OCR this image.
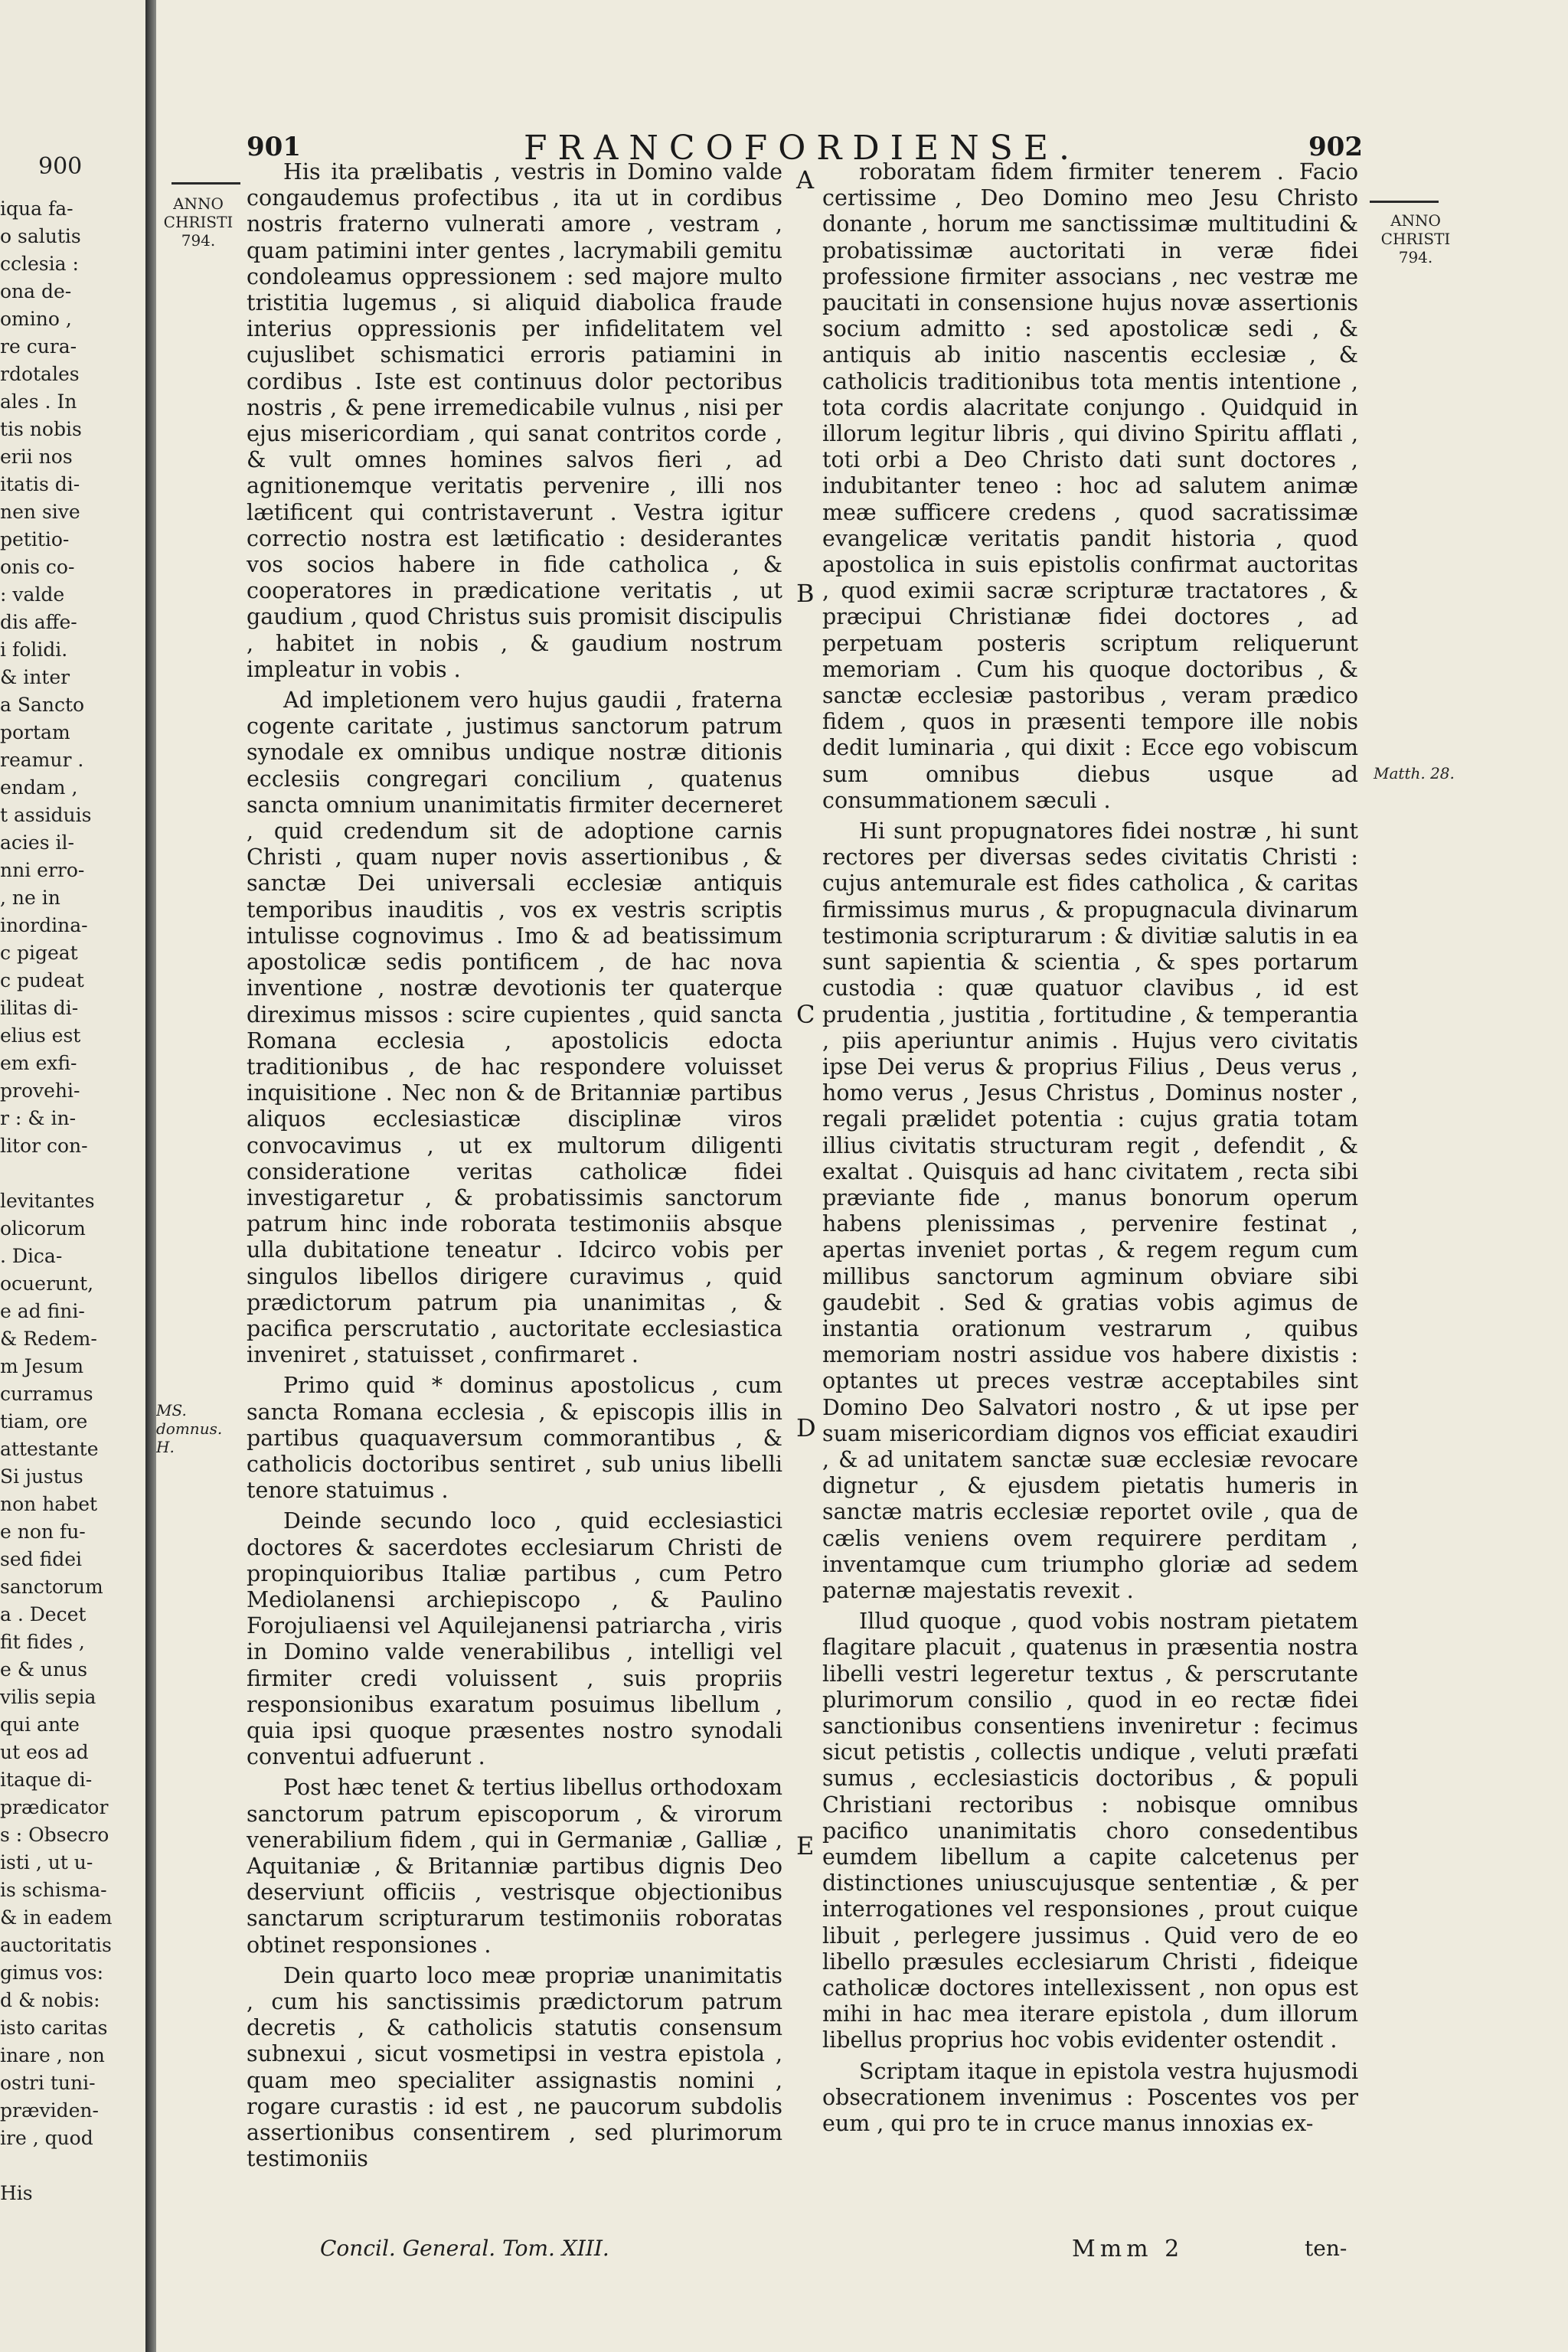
900
iqua fa-
o salutis
cclesia :
ona de-
omino ,
re cura-
rdotales
ales . In
tis nobis
erii nos
itatis di-
nen sive
petitio-
onis co-
: valde
dis affe-
i folidi.
& inter
a Sancto
portam
reamur .
endam ,
t assiduis
acies il-
nni erro-
, ne in
inordina-
c pigeat
c pudeat
ilitas di-
elius est
em exfi-
provehi-
r : & in-
litor con-
levitantes
olicorum
. Dica-
ocuerunt,
e ad fini-
& Redem-
m Jesum
curramus
tiam, ore
attestante
Si justus
non habet
e non fu-
sed fidei
sanctorum
a . Decet
fit fides ,
e & unus
vilis sepia
qui ante
ut eos ad
itaque di-
prædicator
s : Obsecro
isti , ut u-
is schisma-
& in eadem
auctoritatis
gimus vos:
d & nobis:
isto caritas
inare , non
ostri tuni-
præviden-
ire , quod
His
901	FRANCOFORDIENSE.	902
ANNO CHRISTI 794.
ANNO CHRISTI 794.
MS. domnus. H.
Matth. 28.
A
B
C
D
E

His ita prælibatis , vestris in Domino valde congaudemus profectibus , ita ut in cordibus nostris fraterno vulnerati amore , vestram , quam patimini inter gentes , lacrymabili gemitu condoleamus oppressionem : sed majore multo tristitia lugemus , si aliquid diabolica fraude interius oppressionis per infidelitatem vel cujuslibet schismatici erroris patiamini in cordibus . Iste est continuus dolor pectoribus nostris , & pene irremedicabile vulnus , nisi per ejus misericordiam , qui sanat contritos corde , & vult omnes homines salvos fieri , ad agnitionemque veritatis pervenire , illi nos lætificent qui contristaverunt . Vestra igitur correctio nostra est lætificatio : desiderantes vos socios habere in fide catholica , & cooperatores in prædicatione veritatis , ut gaudium , quod Christus suis promisit discipulis , habitet in nobis , & gaudium nostrum impleatur in vobis .

Ad impletionem vero hujus gaudii , fraterna cogente caritate , justimus sanctorum patrum synodale ex omnibus undique nostræ ditionis ecclesiis congregari concilium , quatenus sancta omnium unanimitatis firmiter decerneret , quid credendum sit de adoptione carnis Christi , quam nuper novis assertionibus , & sanctæ Dei universali ecclesiæ antiquis temporibus inauditis , vos ex vestris scriptis intulisse cognovimus . Imo & ad beatissimum apostolicæ sedis pontificem , de hac nova inventione , nostræ devotionis ter quaterque direximus missos : scire cupientes , quid sancta Romana ecclesia , apostolicis edocta traditionibus , de hac respondere voluisset inquisitione . Nec non & de Britanniæ partibus aliquos ecclesiasticæ disciplinæ viros convocavimus , ut ex multorum diligenti consideratione veritas catholicæ fidei investigaretur , & probatissimis sanctorum patrum hinc inde roborata testimoniis absque ulla dubitatione teneatur . Idcirco vobis per singulos libellos dirigere curavimus , quid prædictorum patrum pia unanimitas , & pacifica perscrutatio , auctoritate ecclesiastica inveniret , statuisset , confirmaret .

Primo quid * dominus apostolicus , cum sancta Romana ecclesia , & episcopis illis in partibus quaquaversum commorantibus , & catholicis doctoribus sentiret , sub unius libelli tenore statuimus .

Deinde secundo loco , quid ecclesiastici doctores & sacerdotes ecclesiarum Christi de propinquioribus Italiæ partibus , cum Petro Mediolanensi archiepiscopo , & Paulino Forojuliaensi vel Aquilejanensi patriarcha , viris in Domino valde venerabilibus , intelligi vel firmiter credi voluissent , suis propriis responsionibus exaratum posuimus libellum , quia ipsi quoque præsentes nostro synodali conventui adfuerunt .

Post hæc tenet & tertius libellus orthodoxam sanctorum patrum episcoporum , & virorum venerabilium fidem , qui in Germaniæ , Galliæ , Aquitaniæ , & Britanniæ partibus dignis Deo deserviunt officiis , vestrisque objectionibus sanctarum scripturarum testimoniis roboratas obtinet responsiones .

Dein quarto loco meæ propriæ unanimitatis , cum his sanctissimis prædictorum patrum decretis , & catholicis statutis consensum subnexui , sicut vosmetipsi in vestra epistola , quam meo specialiter assignastis nomini , rogare curastis : id est , ne paucorum subdolis assertionibus consentirem , sed plurimorum testimoniis

roboratam fidem firmiter tenerem . Facio certissime , Deo Domino meo Jesu Christo donante , horum me sanctissimæ multitudini & probatissimæ auctoritati in veræ fidei professione firmiter associans , nec vestræ me paucitati in consensione hujus novæ assertionis socium admitto : sed apostolicæ sedi , & antiquis ab initio nascentis ecclesiæ , & catholicis traditionibus tota mentis intentione , tota cordis alacritate conjungo . Quidquid in illorum legitur libris , qui divino Spiritu afflati , toti orbi a Deo Christo dati sunt doctores , indubitanter teneo : hoc ad salutem animæ meæ sufficere credens , quod sacratissimæ evangelicæ veritatis pandit historia , quod apostolica in suis epistolis confirmat auctoritas , quod eximii sacræ scripturæ tractatores , & præcipui Christianæ fidei doctores , ad perpetuam posteris scriptum reliquerunt memoriam . Cum his quoque doctoribus , & sanctæ ecclesiæ pastoribus , veram prædico fidem , quos in præsenti tempore ille nobis dedit luminaria , qui dixit : Ecce ego vobiscum sum omnibus diebus usque ad consummationem sæculi .

Hi sunt propugnatores fidei nostræ , hi sunt rectores per diversas sedes civitatis Christi : cujus antemurale est fides catholica , & caritas firmissimus murus , & propugnacula divinarum testimonia scripturarum : & divitiæ salutis in ea sunt sapientia & scientia , & spes portarum custodia : quæ quatuor clavibus , id est prudentia , justitia , fortitudine , & temperantia , piis aperiuntur animis . Hujus vero civitatis ipse Dei verus & proprius Filius , Deus verus , homo verus , Jesus Christus , Dominus noster , regali prælidet potentia : cujus gratia totam illius civitatis structuram regit , defendit , & exaltat . Quisquis ad hanc civitatem , recta sibi præviante fide , manus bonorum operum habens plenissimas , pervenire festinat , apertas inveniet portas , & regem regum cum millibus sanctorum agminum obviare sibi gaudebit . Sed & gratias vobis agimus de instantia orationum vestrarum , quibus memoriam nostri assidue vos habere dixistis : optantes ut preces vestræ acceptabiles sint Domino Deo Salvatori nostro , & ut ipse per suam misericordiam dignos vos efficiat exaudiri , & ad unitatem sanctæ suæ ecclesiæ revocare dignetur , & ejusdem pietatis humeris in sanctæ matris ecclesiæ reportet ovile , qua de cælis veniens ovem requirere perditam , inventamque cum triumpho gloriæ ad sedem paternæ majestatis revexit .

Illud quoque , quod vobis nostram pietatem flagitare placuit , quatenus in præsentia nostra libelli vestri legeretur textus , & perscrutante plurimorum consilio , quod in eo rectæ fidei sanctionibus consentiens inveniretur : fecimus sicut petistis , collectis undique , veluti præfati sumus , ecclesiasticis doctoribus , & populi Christiani rectoribus : nobisque omnibus pacifico unanimitatis choro consedentibus eumdem libellum a capite calcetenus per distinctiones uniuscujusque sententiæ , & per interrogationes vel responsiones , prout cuique libuit , perlegere jussimus . Quid vero de eo libello præsules ecclesiarum Christi , fideique catholicæ doctores intellexissent , non opus est mihi in hac mea iterare epistola , dum illorum libellus proprius hoc vobis evidenter ostendit .

Scriptam itaque in epistola vestra hujusmodi obsecrationem invenimus : Poscentes vos per eum , qui pro te in cruce manus innoxias ex-

Concil. General. Tom. XIII.	Mmm 2	ten-
